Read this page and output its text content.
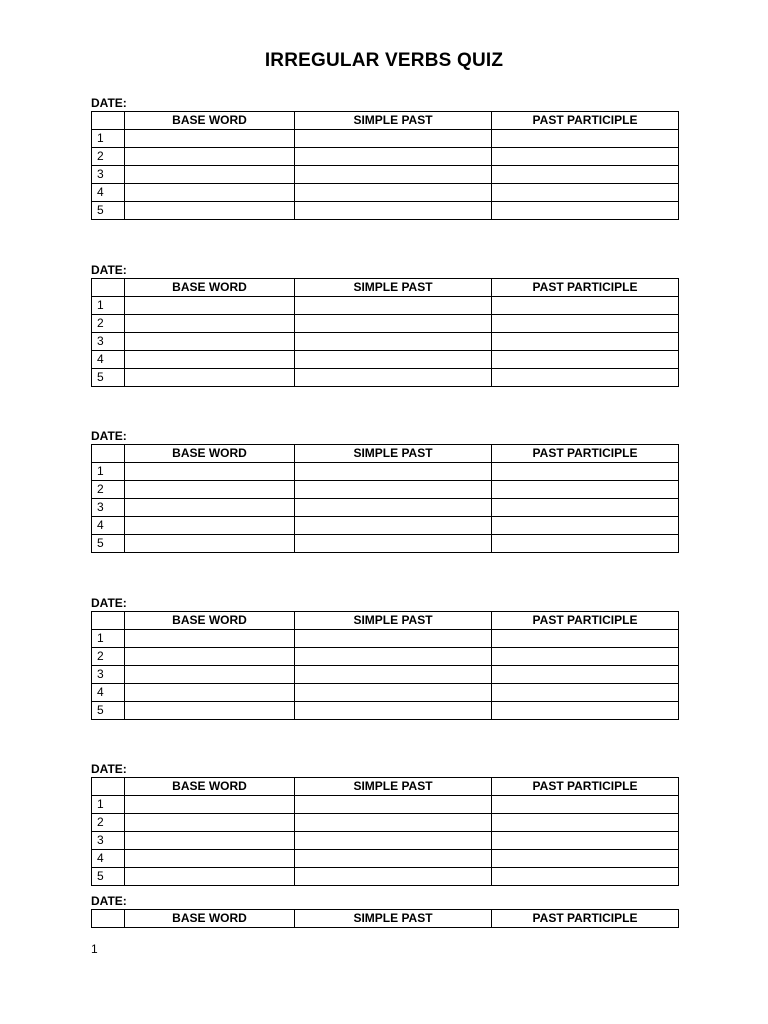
IRREGULAR VERBS QUIZ
DATE:
	BASE WORD	SIMPLE PAST	PAST PARTICIPLE
1			
2			
3			
4			
5			
DATE:
	BASE WORD	SIMPLE PAST	PAST PARTICIPLE
1			
2			
3			
4			
5			
DATE:
	BASE WORD	SIMPLE PAST	PAST PARTICIPLE
1			
2			
3			
4			
5			
DATE:
	BASE WORD	SIMPLE PAST	PAST PARTICIPLE
1			
2			
3			
4			
5			
DATE:
	BASE WORD	SIMPLE PAST	PAST PARTICIPLE
1			
2			
3			
4			
5			
DATE:
	BASE WORD	SIMPLE PAST	PAST PARTICIPLE
1
